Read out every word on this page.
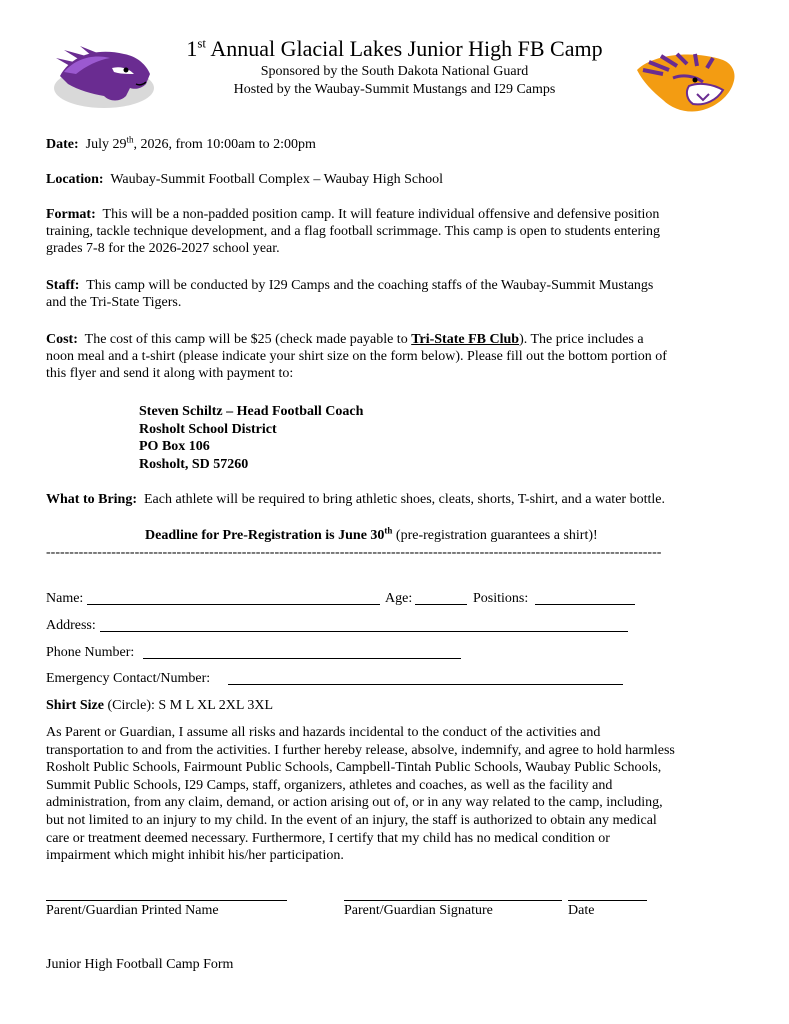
1st Annual Glacial Lakes Junior High FB Camp
Sponsored by the South Dakota National Guard
Hosted by the Waubay-Summit Mustangs and I29 Camps
Date: July 29th, 2026, from 10:00am to 2:00pm
Location: Waubay-Summit Football Complex – Waubay High School
Format: This will be a non-padded position camp. It will feature individual offensive and defensive position
training, tackle technique development, and a flag football scrimmage. This camp is open to students entering
grades 7-8 for the 2026-2027 school year.
Staff: This camp will be conducted by I29 Camps and the coaching staffs of the Waubay-Summit Mustangs
and the Tri-State Tigers.
Cost: The cost of this camp will be $25 (check made payable to Tri-State FB Club). The price includes a
noon meal and a t-shirt (please indicate your shirt size on the form below). Please fill out the bottom portion of
this flyer and send it along with payment to:
Steven Schiltz – Head Football Coach
Rosholt School District
PO Box 106
Rosholt, SD 57260
What to Bring: Each athlete will be required to bring athletic shoes, cleats, shorts, T-shirt, and a water bottle.
Deadline for Pre-Registration is June 30th (pre-registration guarantees a shirt)!
------------------------------------------------------------------------------------------------------------------------------------
Name:	Age:	Positions:
Address:
Phone Number:
Emergency Contact/Number:
Shirt Size (Circle): S M L XL 2XL 3XL
As Parent or Guardian, I assume all risks and hazards incidental to the conduct of the activities and
transportation to and from the activities. I further hereby release, absolve, indemnify, and agree to hold harmless
Rosholt Public Schools, Fairmount Public Schools, Campbell-Tintah Public Schools, Waubay Public Schools,
Summit Public Schools, I29 Camps, staff, organizers, athletes and coaches, as well as the facility and
administration, from any claim, demand, or action arising out of, or in any way related to the camp, including,
but not limited to an injury to my child. In the event of an injury, the staff is authorized to obtain any medical
care or treatment deemed necessary. Furthermore, I certify that my child has no medical condition or
impairment which might inhibit his/her participation.
Parent/Guardian Printed Name	Parent/Guardian Signature	Date
Junior High Football Camp Form
